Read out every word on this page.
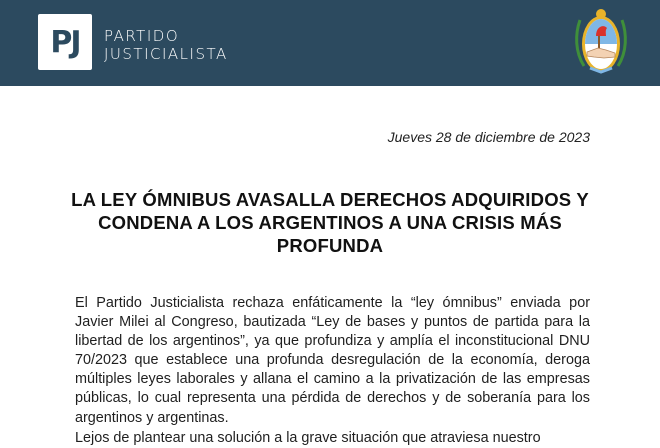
PJ PARTIDO
JUSTICIALISTA
Jueves 28 de diciembre de 2023
LA LEY ÓMNIBUS AVASALLA DERECHOS ADQUIRIDOS Y CONDENA A LOS ARGENTINOS A UNA CRISIS MÁS PROFUNDA
El Partido Justicialista rechaza enfáticamente la “ley ómnibus” enviada por Javier Milei al Congreso, bautizada “Ley de bases y puntos de partida para la libertad de los argentinos”, ya que profundiza y amplía el inconstitucional DNU 70/2023 que establece una profunda desregulación de la economía, deroga múltiples leyes laborales y allana el camino a la privatización de las empresas públicas, lo cual representa una pérdida de derechos y de soberanía para los argentinos y argentinas.
Lejos de plantear una solución a la grave situación que atraviesa nuestro
